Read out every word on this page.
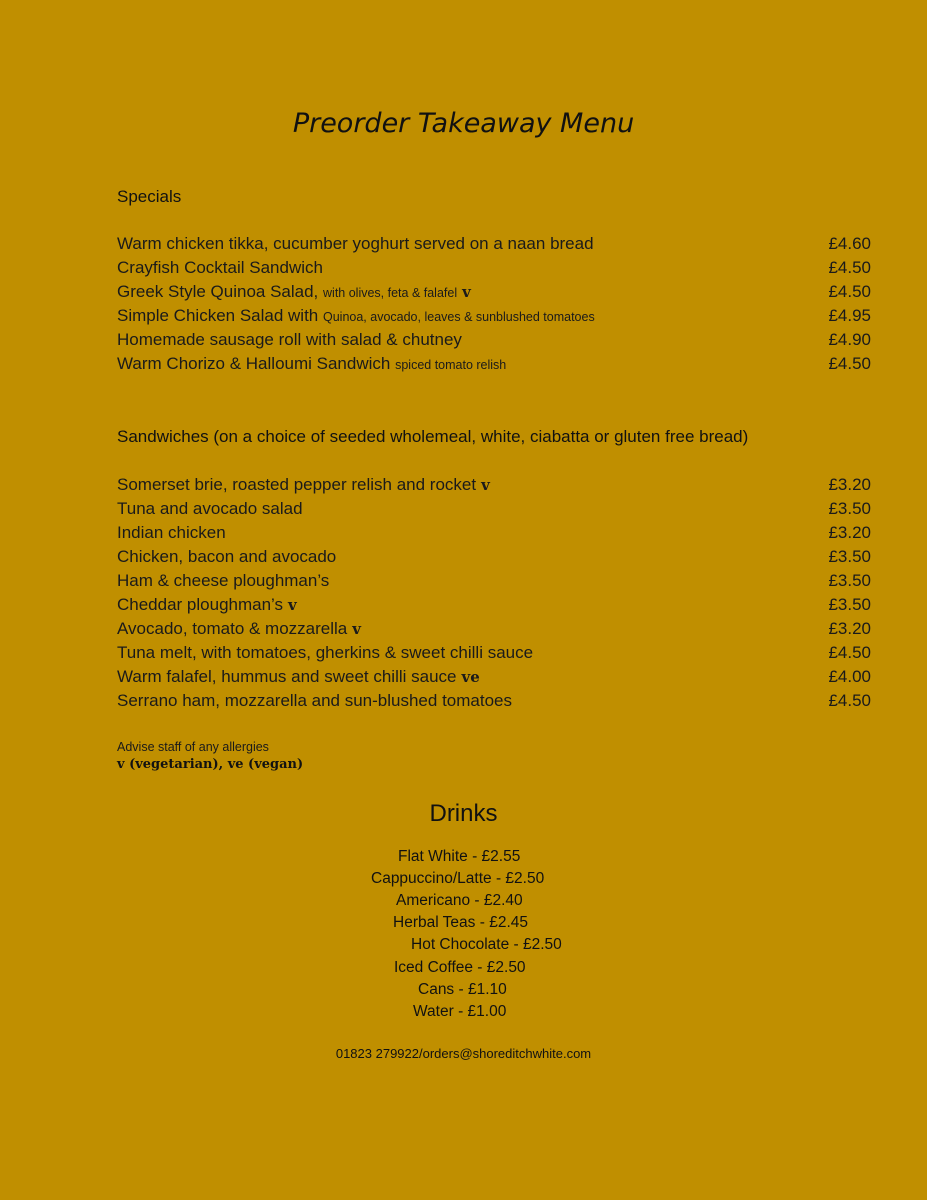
Preorder Takeaway Menu
Specials
Warm chicken tikka, cucumber yoghurt served on a naan bread	£4.60
Crayfish Cocktail Sandwich	£4.50
Greek Style Quinoa Salad, with olives, feta & falafel v	£4.50
Simple Chicken Salad with Quinoa, avocado, leaves & sunblushed tomatoes	£4.95
Homemade sausage roll with salad & chutney	£4.90
Warm Chorizo & Halloumi Sandwich spiced tomato relish	£4.50
Sandwiches (on a choice of seeded wholemeal, white, ciabatta or gluten free bread)
Somerset brie, roasted pepper relish and rocket v	£3.20
Tuna and avocado salad	£3.50
Indian chicken	£3.20
Chicken, bacon and avocado	£3.50
Ham & cheese ploughman’s	£3.50
Cheddar ploughman’s v	£3.50
Avocado, tomato & mozzarella v	£3.20
Tuna melt, with tomatoes, gherkins & sweet chilli sauce	£4.50
Warm falafel, hummus and sweet chilli sauce ve	£4.00
Serrano ham, mozzarella and sun-blushed tomatoes	£4.50
Advise staff of any allergies
v (vegetarian), ve (vegan)
Drinks
Flat White - £2.55
Cappuccino/Latte - £2.50
Americano - £2.40
Herbal Teas - £2.45
Hot Chocolate - £2.50
Iced Coffee - £2.50
Cans - £1.10
Water - £1.00
01823 279922/orders@shoreditchwhite.com
